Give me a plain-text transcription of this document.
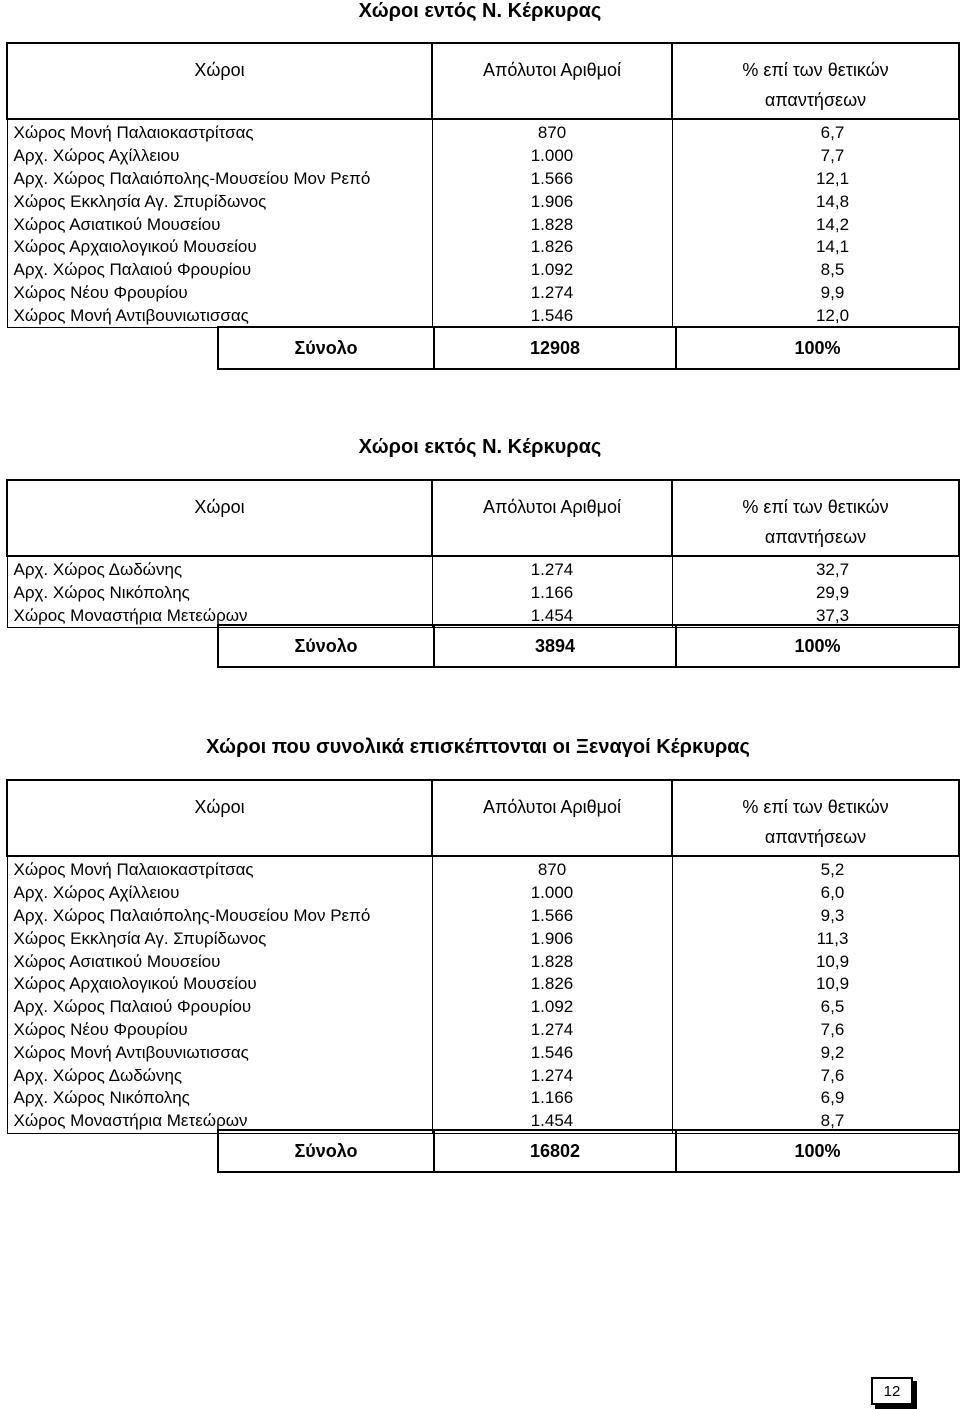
Χώροι εντός Ν. Κέρκυρας
Χώροι	Απόλυτοι Αριθμοί	% επί των θετικών
απαντήσεων

Χώρος Μονή Παλαιοκαστρίτσας	870	6,7
Αρχ. Χώρος Αχίλλειου	1.000	7,7
Αρχ. Χώρος Παλαιόπολης-Μουσείου Μον Ρεπό	1.566	12,1
Χώρος Εκκλησία Αγ. Σπυρίδωνος	1.906	14,8
Χώρος Ασιατικού Μουσείου	1.828	14,2
Χώρος Αρχαιολογικού Μουσείου	1.826	14,1
Αρχ. Χώρος Παλαιού Φρουρίου	1.092	8,5
Χώρος Νέου Φρουρίου	1.274	9,9
Χώρος Μονή Αντιβουνιωτισσας	1.546	12,0
Σύνολο	12908	100%
Χώροι εκτός Ν. Κέρκυρας
Χώροι	Απόλυτοι Αριθμοί	% επί των θετικών
απαντήσεων

Αρχ. Χώρος Δωδώνης	1.274	32,7
Αρχ. Χώρος Νικόπολης	1.166	29,9
Χώρος Μοναστήρια Μετεώρων	1.454	37,3
Σύνολο	3894	100%
Χώροι που συνολικά επισκέπτονται οι Ξεναγοί Κέρκυρας
Χώροι	Απόλυτοι Αριθμοί	% επί των θετικών
απαντήσεων

Χώρος Μονή Παλαιοκαστρίτσας	870	5,2
Αρχ. Χώρος Αχίλλειου	1.000	6,0
Αρχ. Χώρος Παλαιόπολης-Μουσείου Μον Ρεπό	1.566	9,3
Χώρος Εκκλησία Αγ. Σπυρίδωνος	1.906	11,3
Χώρος Ασιατικού Μουσείου	1.828	10,9
Χώρος Αρχαιολογικού Μουσείου	1.826	10,9
Αρχ. Χώρος Παλαιού Φρουρίου	1.092	6,5
Χώρος Νέου Φρουρίου	1.274	7,6
Χώρος Μονή Αντιβουνιωτισσας	1.546	9,2
Αρχ. Χώρος Δωδώνης	1.274	7,6
Αρχ. Χώρος Νικόπολης	1.166	6,9
Χώρος Μοναστήρια Μετεώρων	1.454	8,7
Σύνολο	16802	100%
12
